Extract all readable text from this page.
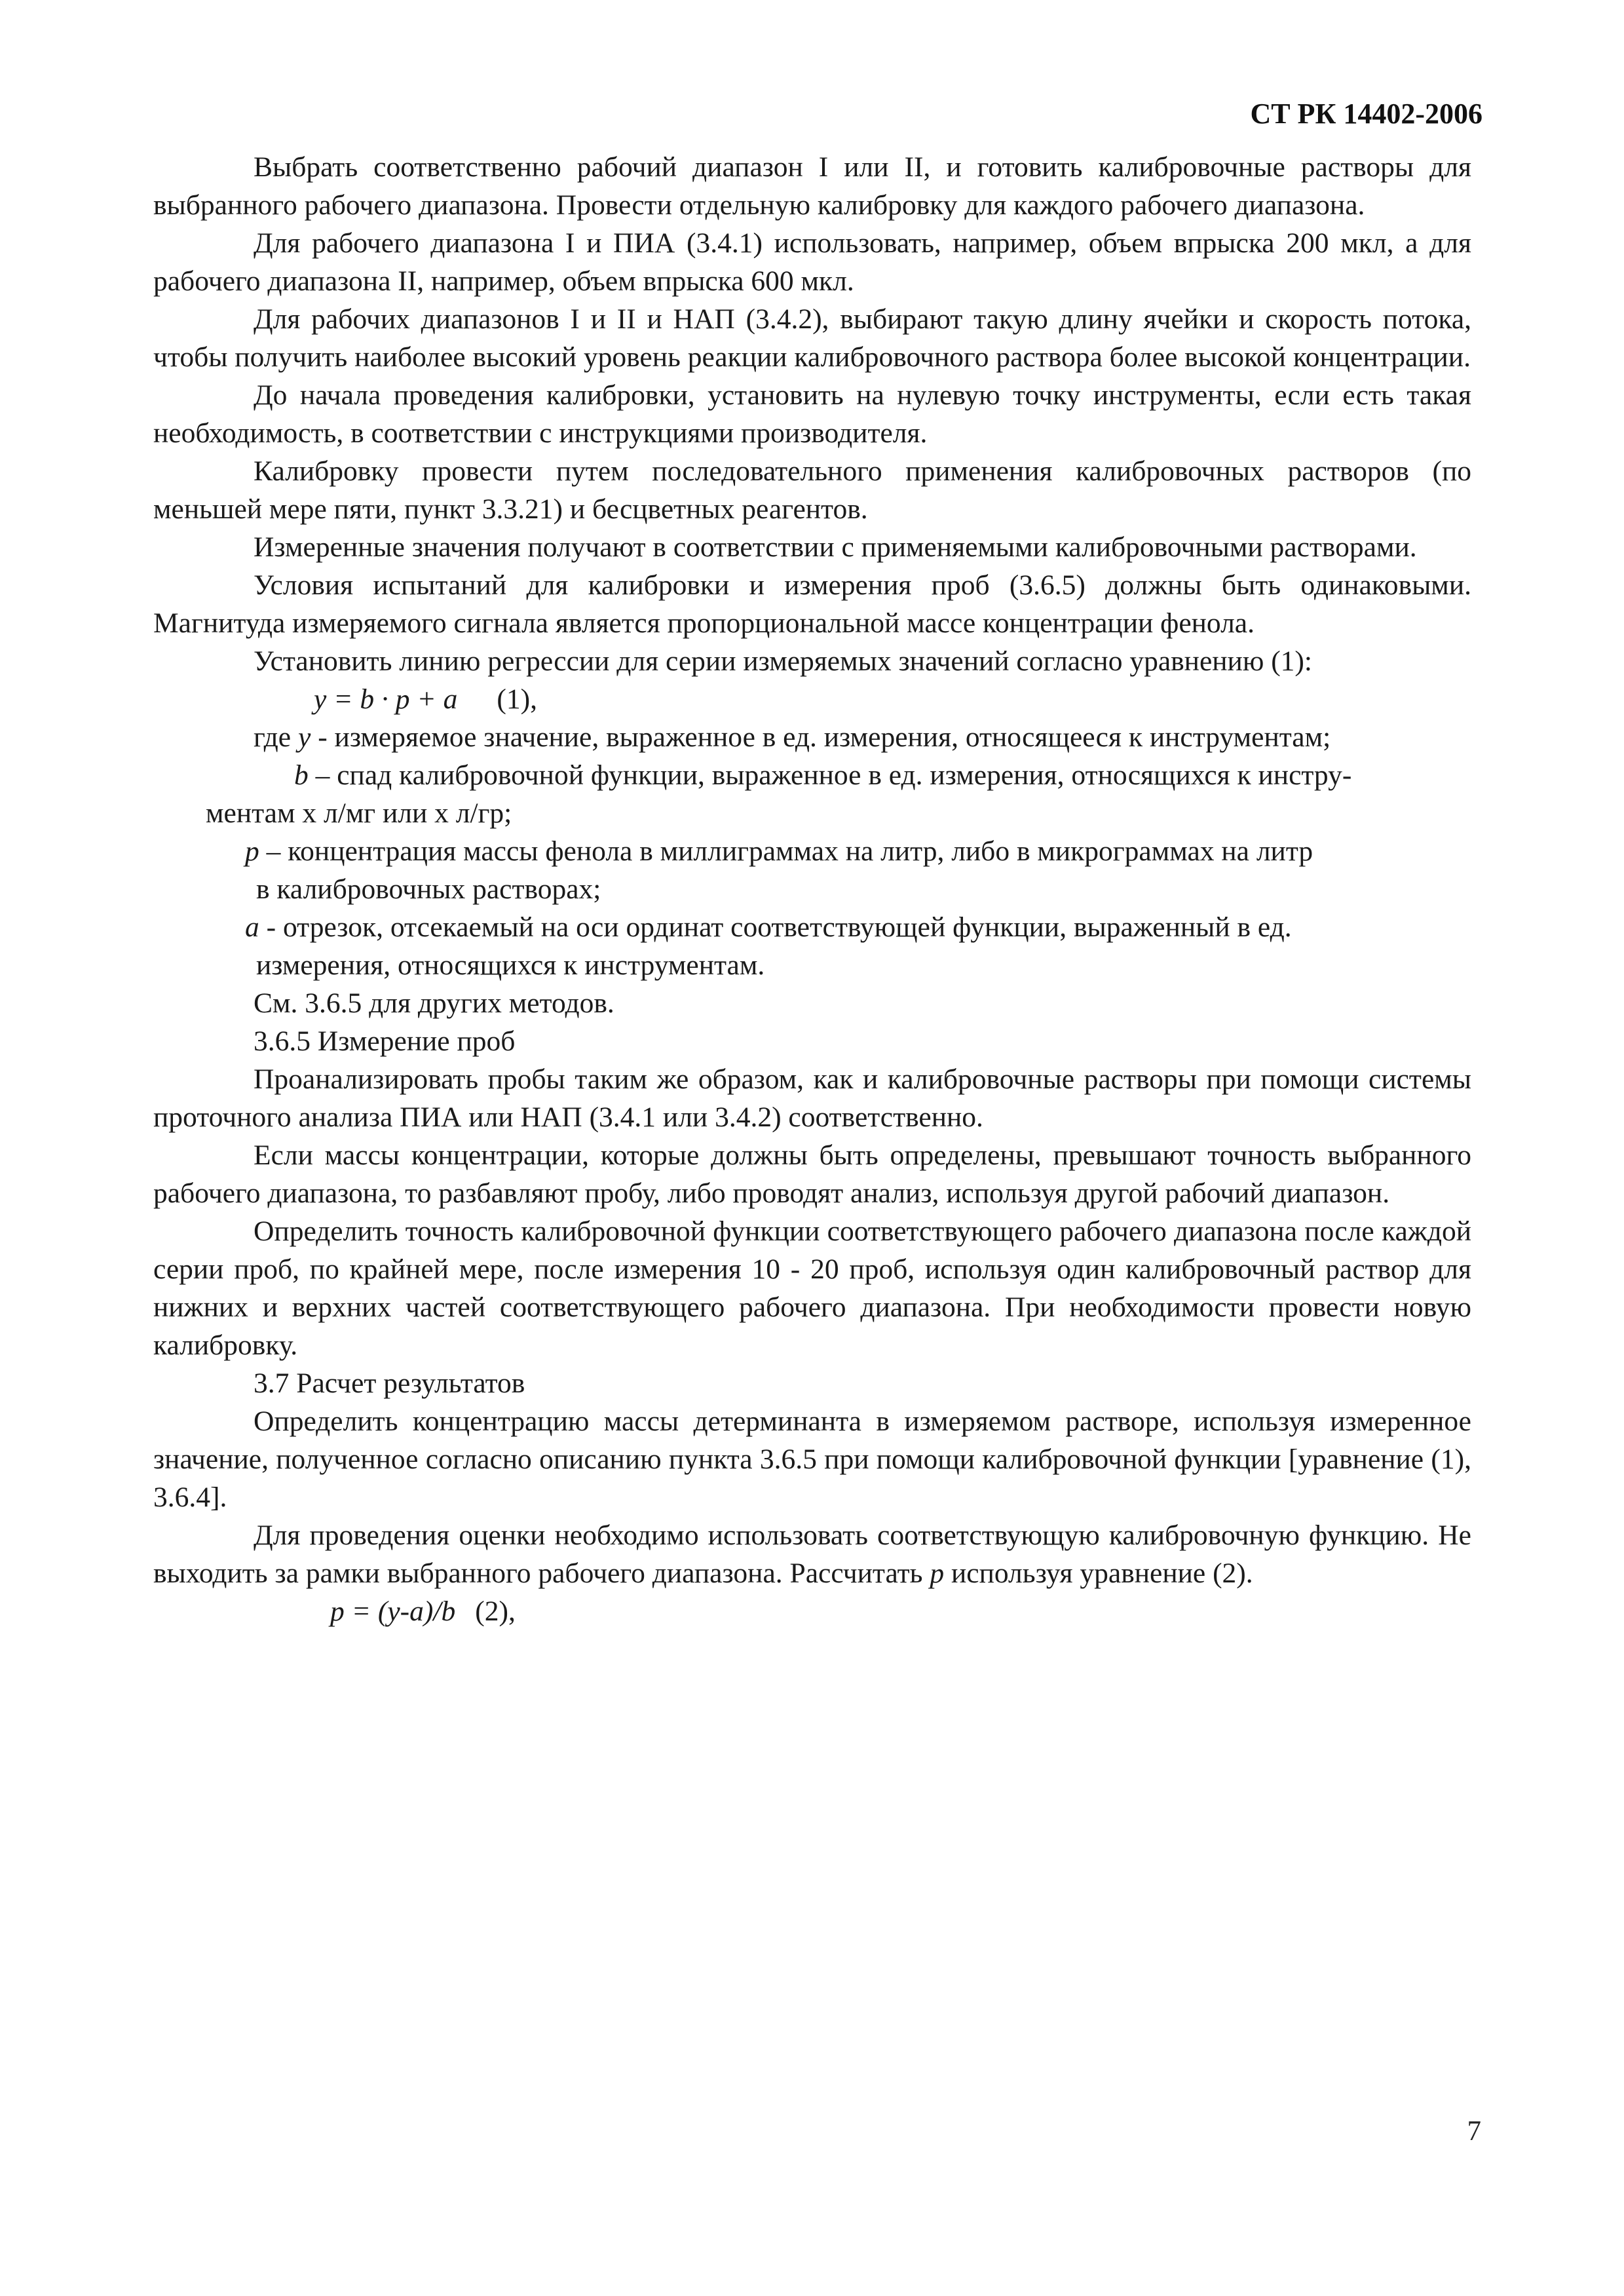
СТ РК 14402-2006

Выбрать соответственно рабочий диапазон I или II, и готовить калибровочные растворы для выбранного рабочего диапазона. Провести отдельную калибровку для каждого рабочего диапазона.

Для рабочего диапазона I и ПИА (3.4.1) использовать, например, объем впрыска 200 мкл, а для рабочего диапазона II, например, объем впрыска 600 мкл.

Для рабочих диапазонов I и II и НАП (3.4.2), выбирают такую длину ячейки и скорость потока, чтобы получить наиболее высокий уровень реакции калибровочного раствора более высокой концентрации.

До начала проведения калибровки, установить на нулевую точку инструменты, если есть такая необходимость, в соответствии с инструкциями производителя.

Калибровку провести путем последовательного применения калибровочных растворов (по меньшей мере пяти, пункт 3.3.21) и бесцветных реагентов.

Измеренные значения получают в соответствии с применяемыми калибровочными растворами.

Условия испытаний для калибровки и измерения проб (3.6.5) должны быть одинаковыми. Магнитуда измеряемого сигнала является пропорциональной массе концентрации фенола.

Установить линию регрессии для серии измеряемых значений согласно уравнению (1):

y = b · p + a (1),

где y - измеряемое значение, выраженное в ед. измерения, относящееся к инструментам;

b – спад калибровочной функции, выраженное в ед. измерения, относящихся к инстру-
ментам х л/мг или х л/гр;

p – концентрация массы фенола в миллиграммах на литр, либо в микрограммах на литр
в калибровочных растворах;

a - отрезок, отсекаемый на оси ординат соответствующей функции, выраженный в ед.
измерения, относящихся к инструментам.

См. 3.6.5 для других методов.

3.6.5 Измерение проб

Проанализировать пробы таким же образом, как и калибровочные растворы при помощи системы проточного анализа ПИА или НАП (3.4.1 или 3.4.2) соответственно.

Если массы концентрации, которые должны быть определены, превышают точность выбранного рабочего диапазона, то разбавляют пробу, либо проводят анализ, используя другой рабочий диапазон.

Определить точность калибровочной функции соответствующего рабочего диапазона после каждой серии проб, по крайней мере, после измерения 10 - 20 проб, используя один калибровочный раствор для нижних и верхних частей соответствующего рабочего диапазона. При необходимости провести новую калибровку.

3.7 Расчет результатов

Определить концентрацию массы детерминанта в измеряемом растворе, используя измеренное значение, полученное согласно описанию пункта 3.6.5 при помощи калибровочной функции [уравнение (1), 3.6.4].

Для проведения оценки необходимо использовать соответствующую калибровочную функцию. Не выходить за рамки выбранного рабочего диапазона. Рассчитать p используя уравнение (2).

p = (y-a)/b (2),

7
